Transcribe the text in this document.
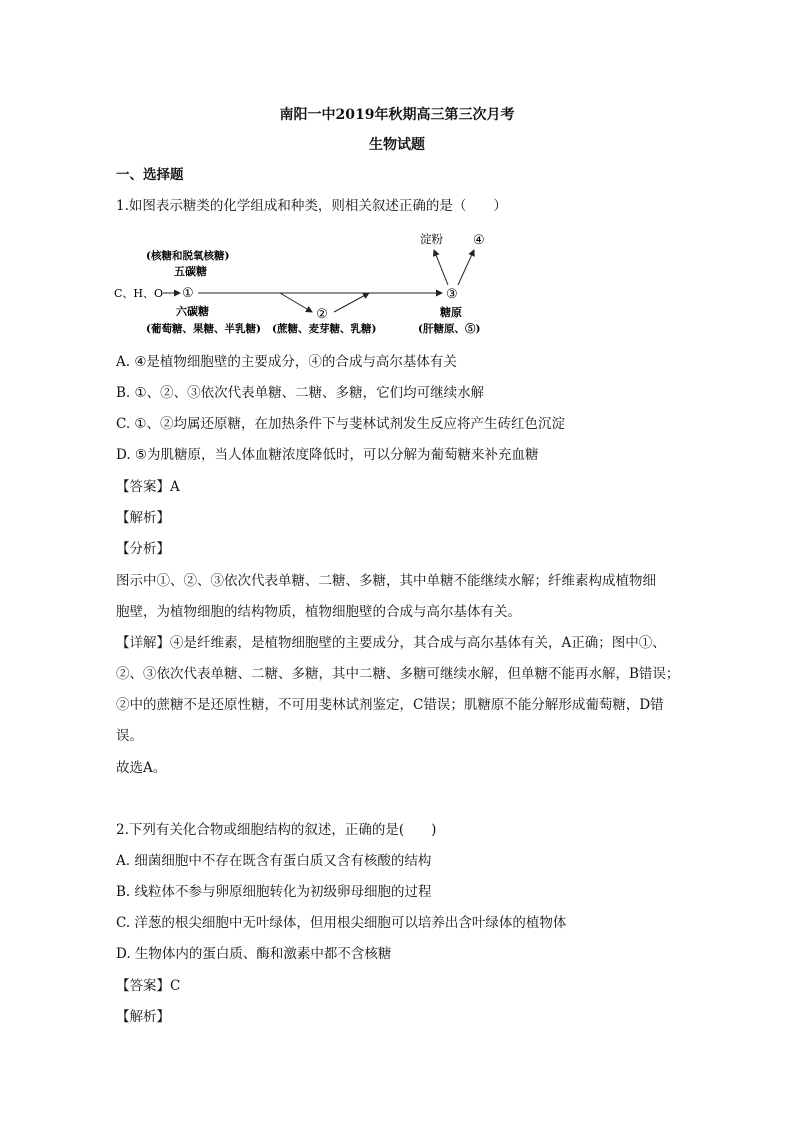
南阳一中2019年秋期高三第三次月考
生物试题
一、选择题
1.如图表示糖类的化学组成和种类，则相关叙述正确的是（　　）
淀粉 ④
(核糖和脱氧核糖)
五碳糖
C、H、O ①
②
③
六碳糖
(葡萄糖、果糖、半乳糖) (蔗糖、麦芽糖、乳糖)
糖原
(肝糖原、⑤)
A. ④是植物细胞壁的主要成分，④的合成与高尔基体有关
B. ①、②、③依次代表单糖、二糖、多糖，它们均可继续水解
C. ①、②均属还原糖，在加热条件下与斐林试剂发生反应将产生砖红色沉淀
D. ⑤为肌糖原，当人体血糖浓度降低时，可以分解为葡萄糖来补充血糖
【答案】A
【解析】
【分析】
图示中①、②、③依次代表单糖、二糖、多糖，其中单糖不能继续水解；纤维素构成植物细
胞壁，为植物细胞的结构物质，植物细胞壁的合成与高尔基体有关。
【详解】④是纤维素，是植物细胞壁的主要成分，其合成与高尔基体有关，A正确；图中①、
②、③依次代表单糖、二糖、多糖，其中二糖、多糖可继续水解，但单糖不能再水解，B错误；
②中的蔗糖不是还原性糖，不可用斐林试剂鉴定，C错误；肌糖原不能分解形成葡萄糖，D错
误。
故选A。
2.下列有关化合物或细胞结构的叙述，正确的是(　　)
A. 细菌细胞中不存在既含有蛋白质又含有核酸的结构
B. 线粒体不参与卵原细胞转化为初级卵母细胞的过程
C. 洋葱的根尖细胞中无叶绿体，但用根尖细胞可以培养出含叶绿体的植物体
D. 生物体内的蛋白质、酶和激素中都不含核糖
【答案】C
【解析】
